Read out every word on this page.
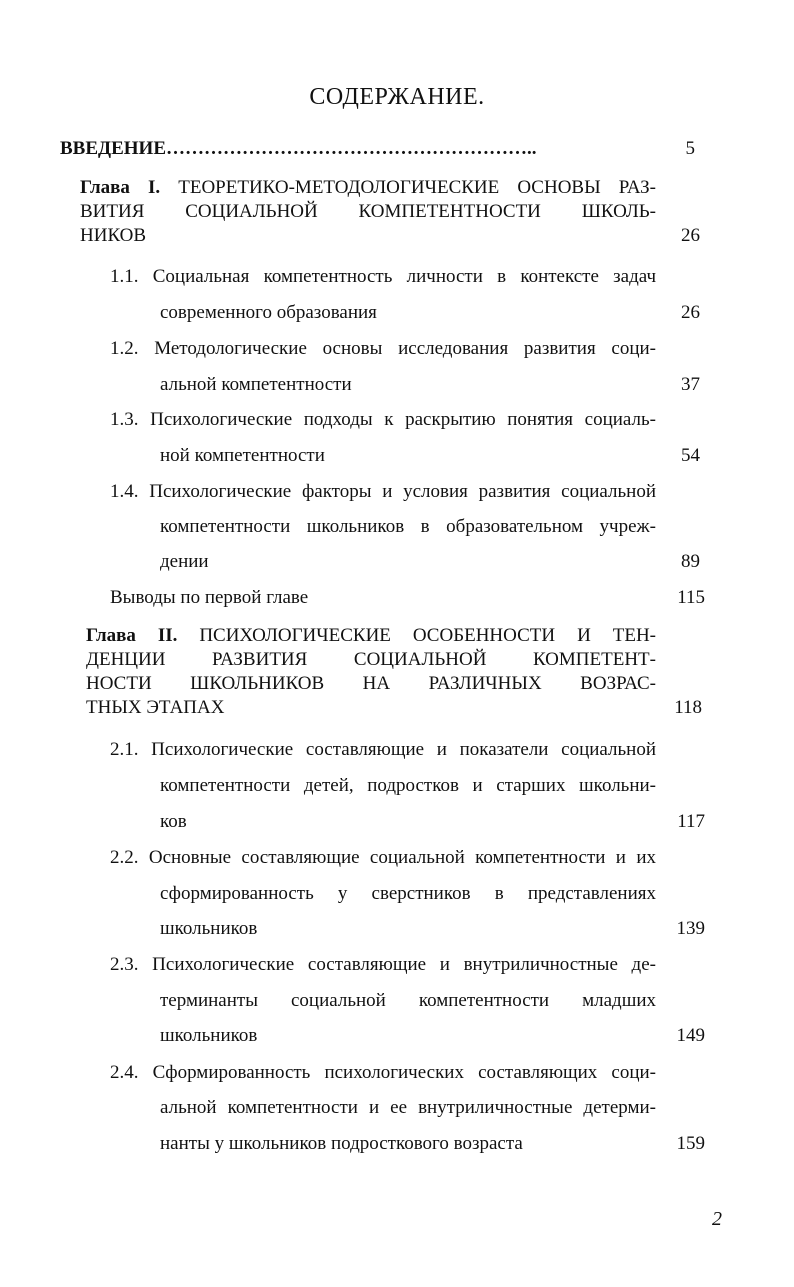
СОДЕРЖАНИЕ.
ВВЕДЕНИЕ…………………………………………………..	5
Глава I. ТЕОРЕТИКО-МЕТОДОЛОГИЧЕСКИЕ ОСНОВЫ РАЗ-
ВИТИЯ СОЦИАЛЬНОЙ КОМПЕТЕНТНОСТИ ШКОЛЬ-
НИКОВ	26
1.1. Социальная компетентность личности в контексте задач
современного образования	26
1.2. Методологические основы исследования развития соци-
альной компетентности	37
1.3. Психологические подходы к раскрытию понятия социаль-
ной компетентности	54
1.4. Психологические факторы и условия развития социальной
компетентности школьников в образовательном учреж-
дении	89
Выводы по первой главе	115
Глава II. ПСИХОЛОГИЧЕСКИЕ ОСОБЕННОСТИ И ТЕН-
ДЕНЦИИ РАЗВИТИЯ СОЦИАЛЬНОЙ КОМПЕТЕНТ-
НОСТИ ШКОЛЬНИКОВ НА РАЗЛИЧНЫХ ВОЗРАС-
ТНЫХ ЭТАПАХ	118
2.1. Психологические составляющие и показатели социальной
компетентности детей, подростков и старших школьни-
ков	117
2.2. Основные составляющие социальной компетентности и их
сформированность у сверстников в представлениях
школьников	139
2.3. Психологические составляющие и внутриличностные де-
терминанты социальной компетентности младших
школьников	149
2.4. Сформированность психологических составляющих соци-
альной компетентности и ее внутриличностные детерми-
нанты у школьников подросткового возраста	159
2
